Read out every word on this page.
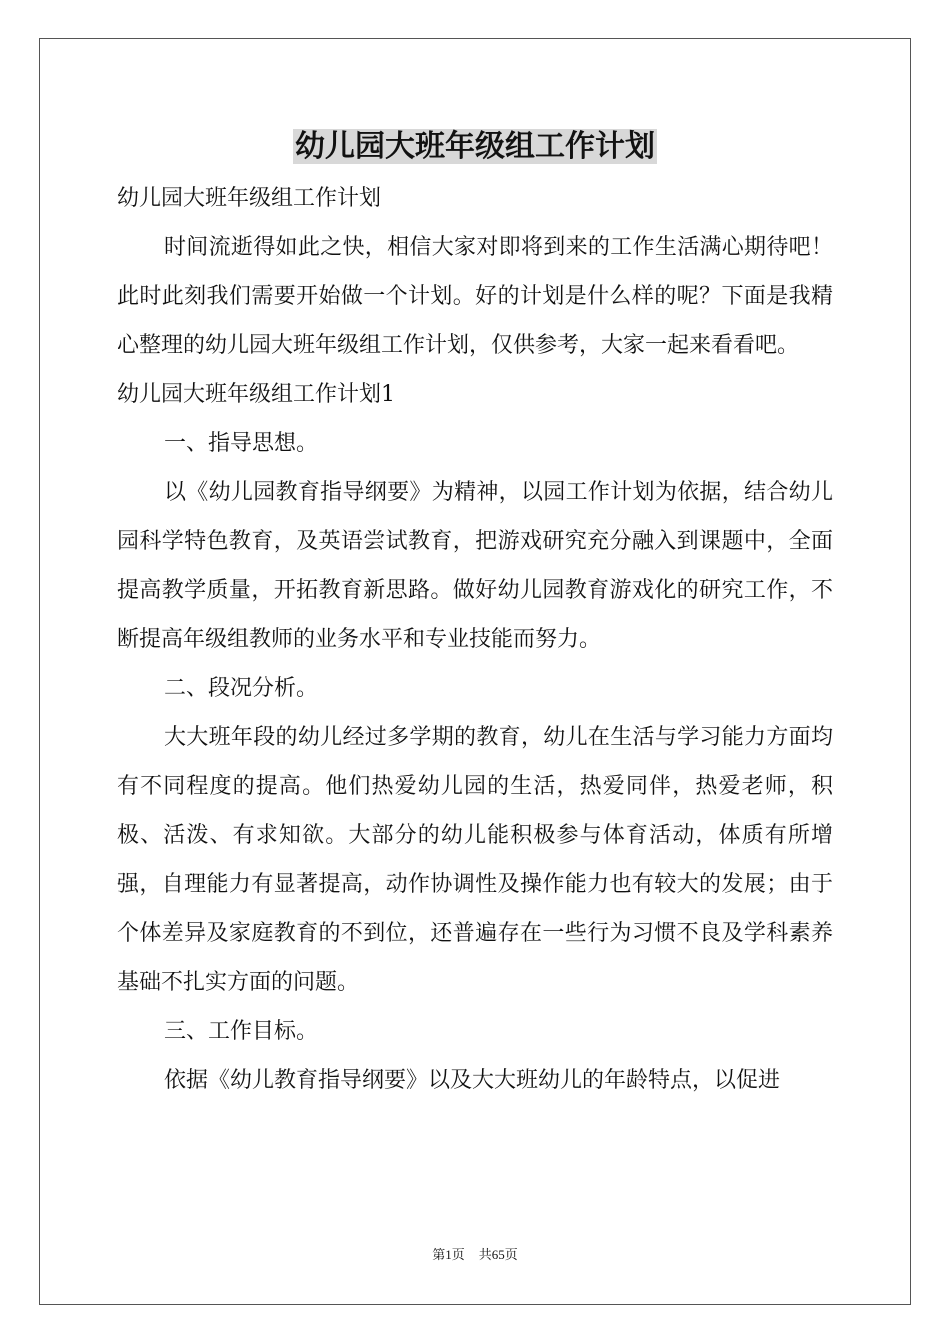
幼儿园大班年级组工作计划

幼儿园大班年级组工作计划

时间流逝得如此之快，相信大家对即将到来的工作生活满心期待吧！此时此刻我们需要开始做一个计划。好的计划是什么样的呢？下面是我精心整理的幼儿园大班年级组工作计划，仅供参考，大家一起来看看吧。

幼儿园大班年级组工作计划1

一、指导思想。

以《幼儿园教育指导纲要》为精神，以园工作计划为依据，结合幼儿园科学特色教育，及英语尝试教育，把游戏研究充分融入到课题中，全面提高教学质量，开拓教育新思路。做好幼儿园教育游戏化的研究工作，不断提高年级组教师的业务水平和专业技能而努力。

二、段况分析。

大大班年段的幼儿经过多学期的教育，幼儿在生活与学习能力方面均有不同程度的提高。他们热爱幼儿园的生活，热爱同伴，热爱老师，积极、活泼、有求知欲。大部分的幼儿能积极参与体育活动，体质有所增强，自理能力有显著提高，动作协调性及操作能力也有较大的发展；由于个体差异及家庭教育的不到位，还普遍存在一些行为习惯不良及学科素养基础不扎实方面的问题。

三、工作目标。

依据《幼儿教育指导纲要》以及大大班幼儿的年龄特点，以促进

第1页 共65页
